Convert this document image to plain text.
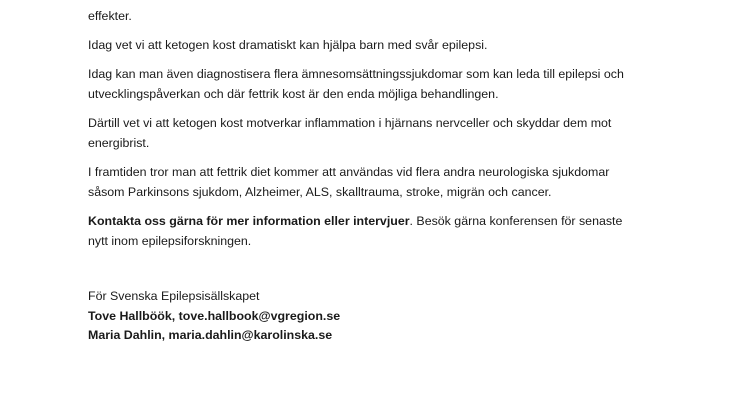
effekter.

Idag vet vi att ketogen kost dramatiskt kan hjälpa barn med svår epilepsi.

Idag kan man även diagnostisera flera ämnesomsättningssjukdomar som kan leda till epilepsi och
utvecklingspåverkan och där fettrik kost är den enda möjliga behandlingen.

Därtill vet vi att ketogen kost motverkar inflammation i hjärnans nervceller och skyddar dem mot
energibrist.

I framtiden tror man att fettrik diet kommer att användas vid flera andra neurologiska sjukdomar
såsom Parkinsons sjukdom, Alzheimer, ALS, skalltrauma, stroke, migrän och cancer.

Kontakta oss gärna för mer information eller intervjuer. Besök gärna konferensen för senaste
nytt inom epilepsiforskningen.

För Svenska Epilepsisällskapet
Tove Hallböök, tove.hallbook@vgregion.se
Maria Dahlin, maria.dahlin@karolinska.se
